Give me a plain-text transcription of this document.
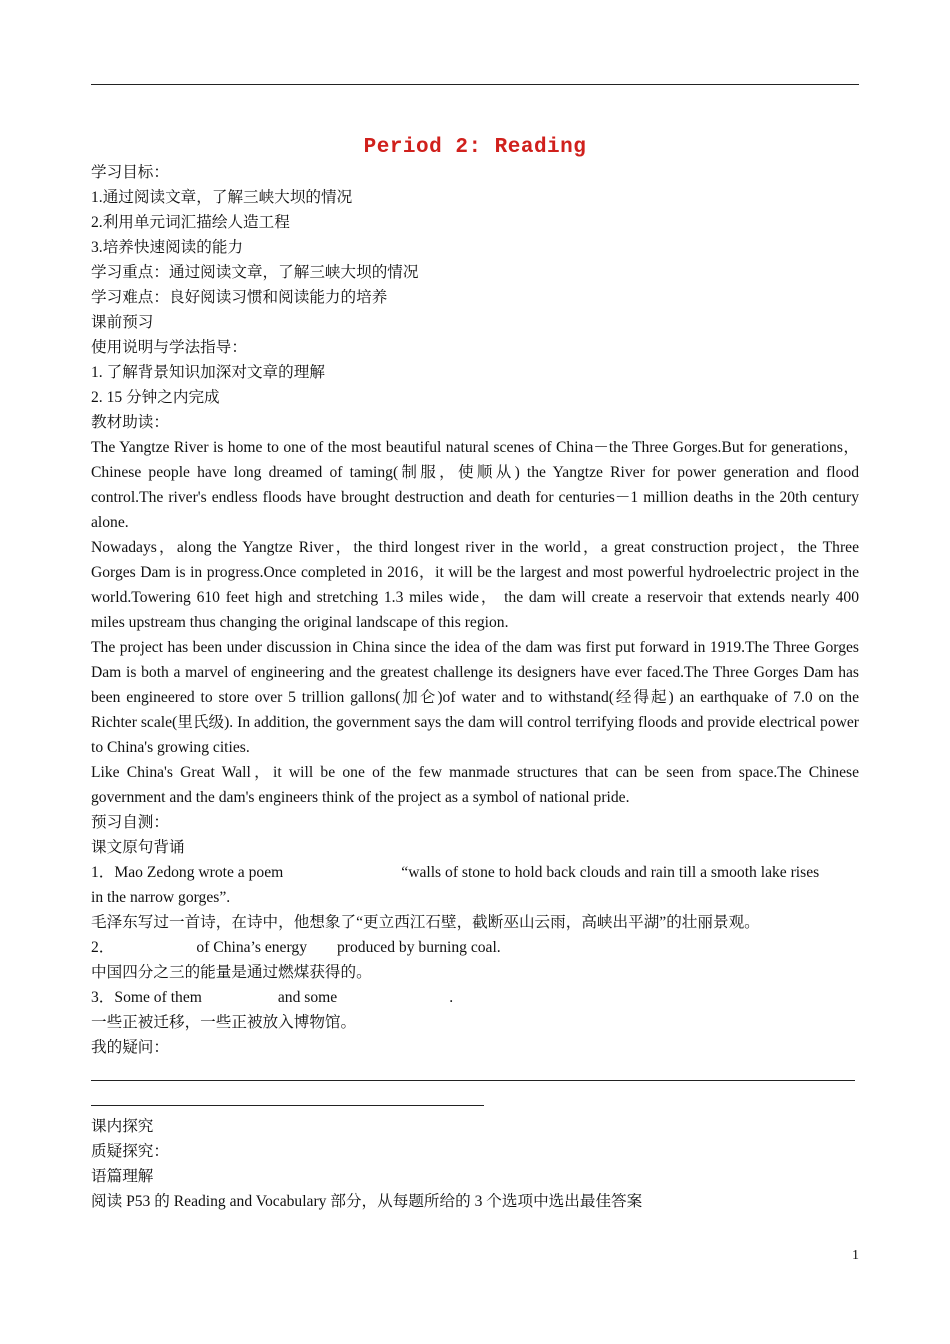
Period 2: Reading
学习目标：
1.通过阅读文章，了解三峡大坝的情况
2.利用单元词汇描绘人造工程
3.培养快速阅读的能力
学习重点：通过阅读文章，了解三峡大坝的情况
学习难点：良好阅读习惯和阅读能力的培养
课前预习
使用说明与学法指导：
1. 了解背景知识加深对文章的理解
2. 15 分钟之内完成
教材助读：
The Yangtze River is home to one of the most beautiful natural scenes of China－the Three Gorges.But for generations，Chinese people have long dreamed of taming(制服，使顺从) the Yangtze River for power generation and flood control.The river's endless floods have brought destruction and death for centuries－1 million deaths in the 20th century alone.
Nowadays，along the Yangtze River，the third longest river in the world，a great construction project，the Three Gorges Dam is in progress.Once completed in 2016，it will be the largest and most powerful hydroelectric project in the world.Towering 610 feet high and stretching 1.3 miles wide， the dam will create a reservoir that extends nearly 400 miles upstream thus changing the original landscape of this region.
The project has been under discussion in China since the idea of the dam was first put forward in 1919.The Three Gorges Dam is both a marvel of engineering and the greatest challenge its designers have ever faced.The Three Gorges Dam has been engineered to store over 5 trillion gallons(加仑)of water and to withstand(经得起) an earthquake of 7.0 on the Richter scale(里氏级). In addition, the government says the dam will control terrifying floods and provide electrical power to China's growing cities.
Like China's Great Wall，it will be one of the few manmade structures that can be seen from space.The Chinese government and the dam's engineers think of the project as a symbol of national pride.
预习自测：
课文原句背诵
1．Mao Zedong wrote a poem	“walls of stone to hold back clouds and rain till a smooth lake rises
in the narrow gorges”.
毛泽东写过一首诗，在诗中，他想象了“更立西江石壁，截断巫山云雨，高峡出平湖”的壮丽景观。
2．	of China’s energy produced by burning coal.
中国四分之三的能量是通过燃煤获得的。
3．Some of them	and some	.
一些正被迁移，一些正被放入博物馆。
我的疑问：
课内探究
质疑探究：
语篇理解
阅读 P53 的 Reading and Vocabulary 部分，从每题所给的 3 个选项中选出最佳答案
1
